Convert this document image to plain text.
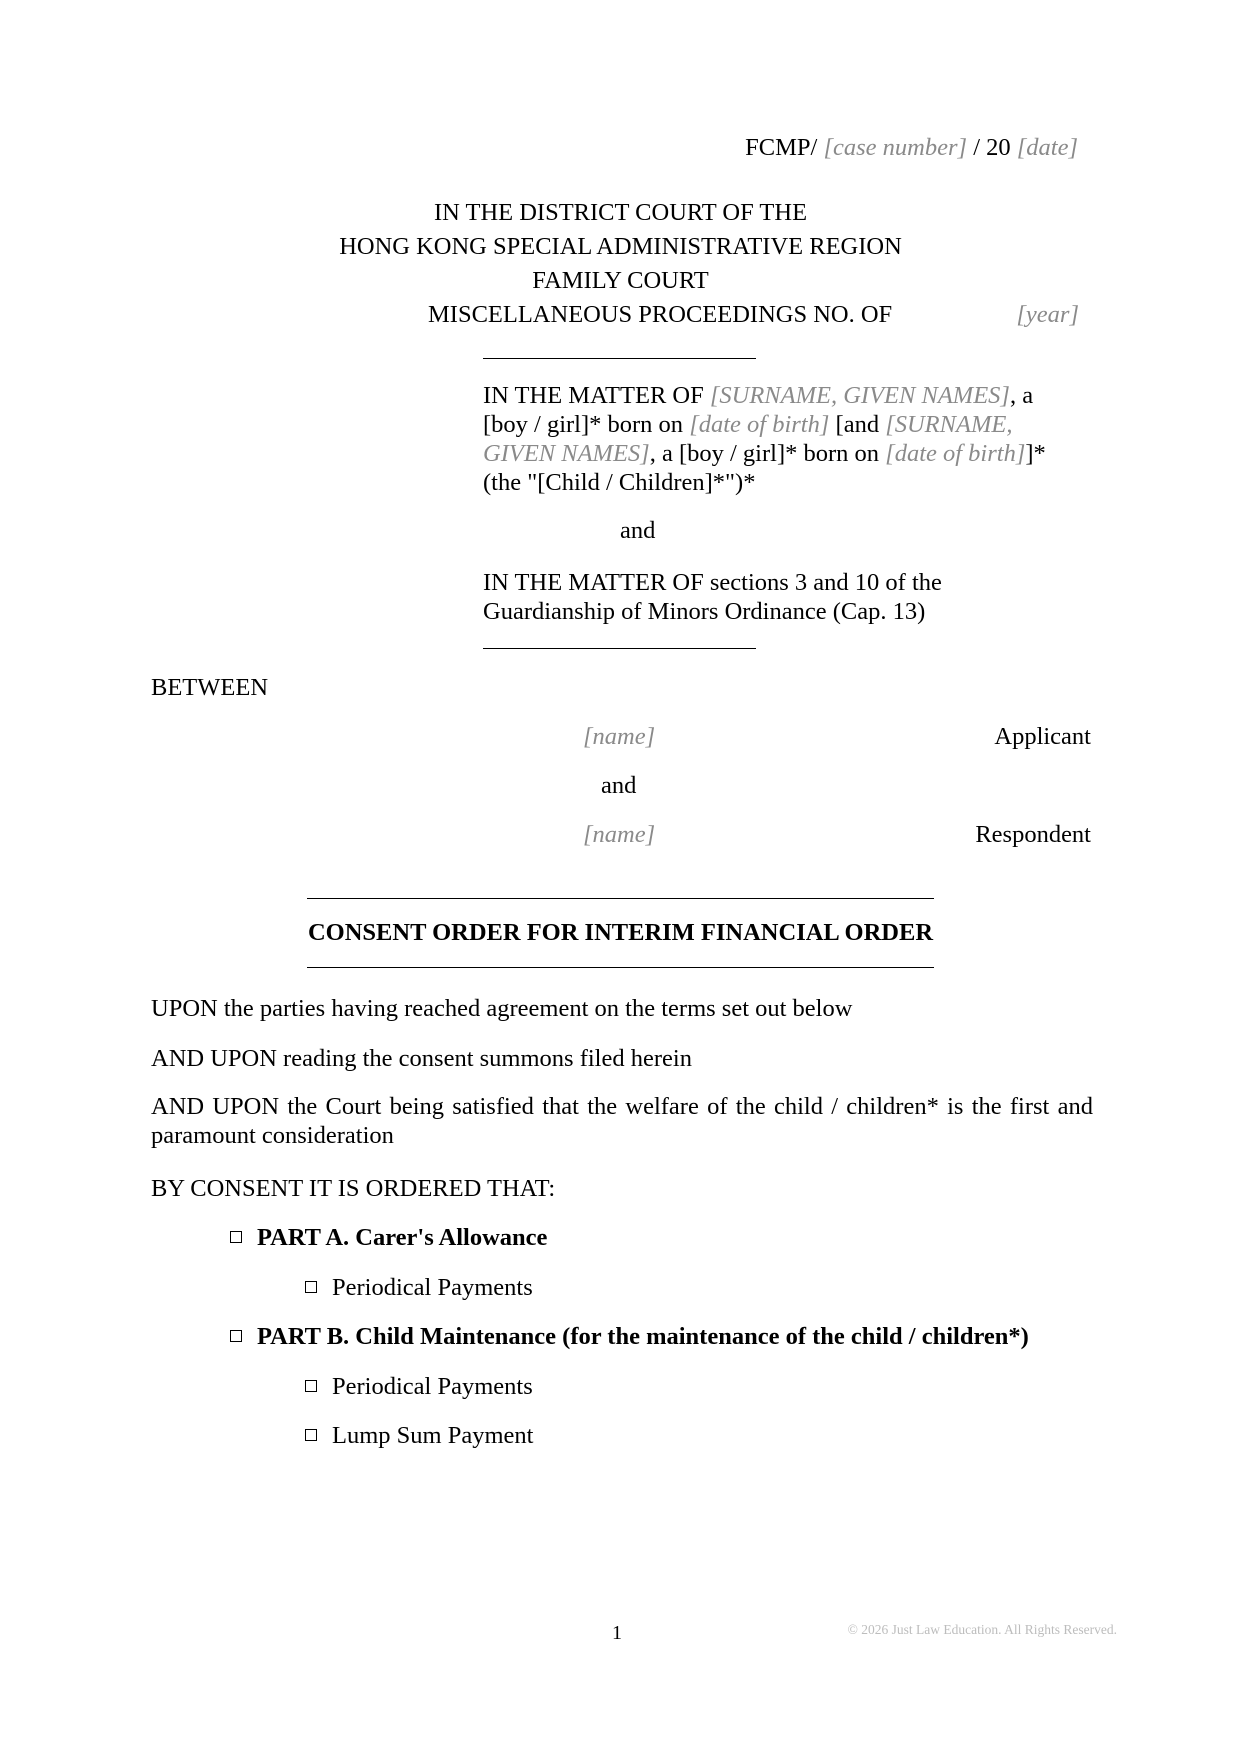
FCMP/ [case number] / 20 [date]
IN THE DISTRICT COURT OF THE
HONG KONG SPECIAL ADMINISTRATIVE REGION
FAMILY COURT
MISCELLANEOUS PROCEEDINGS NO. OF	[year]
IN THE MATTER OF [SURNAME, GIVEN NAMES], a [boy / girl]* born on [date of birth] [and [SURNAME, GIVEN NAMES], a [boy / girl]* born on [date of birth]]* (the "[Child / Children]*")*
and
IN THE MATTER OF sections 3 and 10 of the Guardianship of Minors Ordinance (Cap. 13)
BETWEEN
[name]	Applicant
and
[name]	Respondent
CONSENT ORDER FOR INTERIM FINANCIAL ORDER
UPON the parties having reached agreement on the terms set out below
AND UPON reading the consent summons filed herein
AND UPON the Court being satisfied that the welfare of the child / children* is the first and paramount consideration
BY CONSENT IT IS ORDERED THAT:
PART A. Carer's Allowance
Periodical Payments
PART B. Child Maintenance (for the maintenance of the child / children*)
Periodical Payments
Lump Sum Payment
1	© 2026 Just Law Education. All Rights Reserved.
